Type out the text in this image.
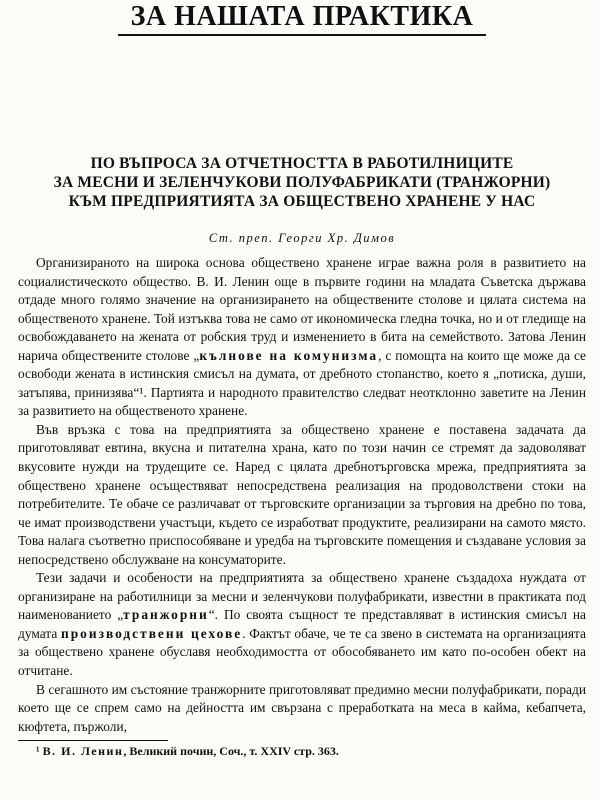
ЗА НАШАТА ПРАКТИКА
ПО ВЪПРОСА ЗА ОТЧЕТНОСТТА В РАБОТИЛНИЦИТЕ
ЗА МЕСНИ И ЗЕЛЕНЧУКОВИ ПОЛУФАБРИКАТИ (ТРАНЖОРНИ)
КЪМ ПРЕДПРИЯТИЯТА ЗА ОБЩЕСТВЕНО ХРАНЕНЕ У НАС
Ст. преп. Георги Хр. Димов

Организираното на широка основа обществено хранене играе важна роля в развитието на социалистическото общество. В. И. Ленин още в първите години на младата Съветска държава отдаде много голямо значение на организирането на обществените столове и цялата система на общественото хранене. Той изтъква това не само от икономическа гледна точка, но и от гледище на освобождаването на жената от робския труд и изменението в бита на семейството. Затова Ленин нарича обществените столове „кълнове на комунизма, с помощта на които ще може да се освободи жената в истинския смисъл на думата, от дребното стопанство, което я „потиска, души, затъпява, принизява“¹. Партията и народното правителство следват неотклонно заветите на Ленин за развитието на общественото хранене.

Във връзка с това на предприятията за обществено хранене е поставена задачата да приготовляват евтина, вкусна и питателна храна, като по този начин се стремят да задоволяват вкусовите нужди на трудещите се. Наред с цялата дребнотърговска мрежа, предприятията за обществено хранене осъществяват непосредствена реализация на продоволствени стоки на потребителите. Те обаче се различават от търговските организации за търговия на дребно по това, че имат производствени участъци, където се изработват продуктите, реализирани на самото място. Това налага съответно приспособяване и уредба на търговските помещения и създаване условия за непосредствено обслужване на консуматорите.

Тези задачи и особености на предприятията за обществено хранене създадоха нуждата от организиране на работилници за месни и зеленчукови полуфабрикати, известни в практиката под наименованието „транжорни“. По своята същност те представляват в истинския смисъл на думата производствени цехове. Фактът обаче, че те са звено в системата на организацията за обществено хранене обуславя необходимостта от обособяването им като по-особен обект на отчитане.

В сегашното им състояние транжорните приготовляват предимно месни полуфабрикати, поради което ще се спрем само на дейността им свързана с преработката на меса в кайма, кебапчета, кюфтета, пържоли,

¹ В. И. Ленин, Великий почин, Соч., т. XXIV стр. 363.
